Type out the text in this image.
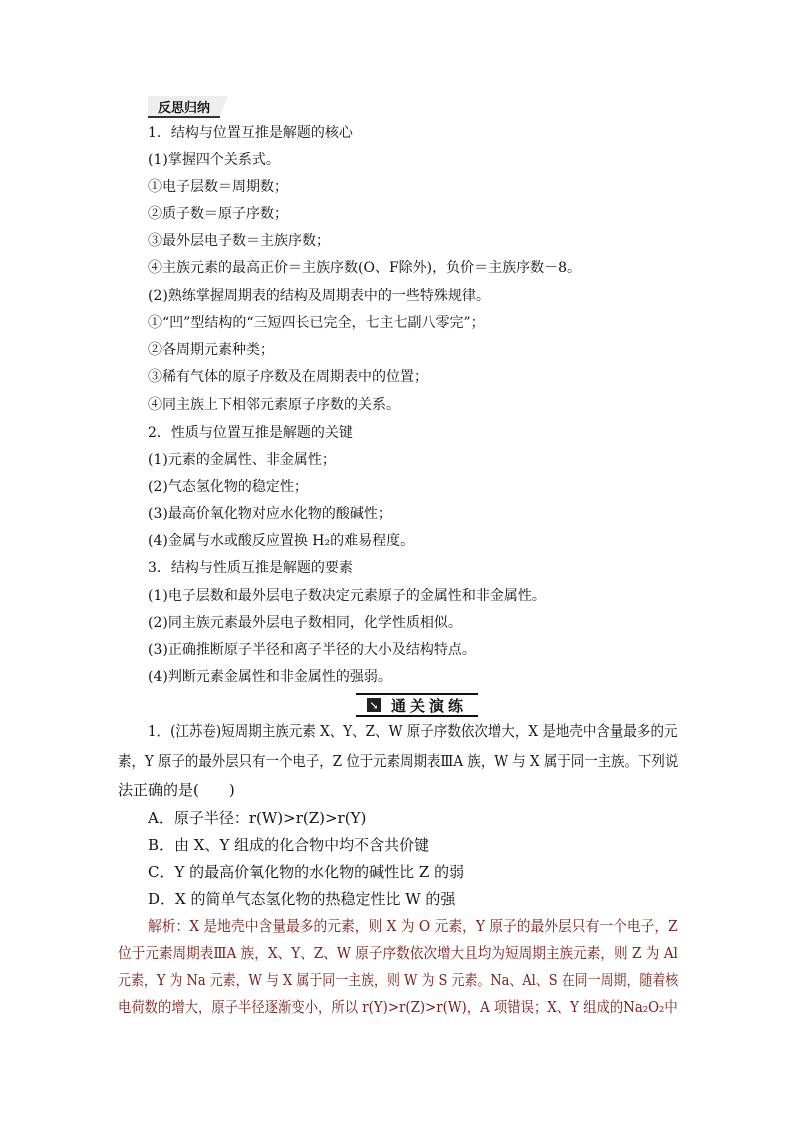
反思归纳
1．结构与位置互推是解题的核心
(1)掌握四个关系式。
①电子层数＝周期数；
②质子数＝原子序数；
③最外层电子数＝主族序数；
④主族元素的最高正价＝主族序数(O、F除外)，负价＝主族序数－8。
(2)熟练掌握周期表的结构及周期表中的一些特殊规律。
①“凹”型结构的“三短四长已完全，七主七副八零完”；
②各周期元素种类；
③稀有气体的原子序数及在周期表中的位置；
④同主族上下相邻元素原子序数的关系。
2．性质与位置互推是解题的关键
(1)元素的金属性、非金属性；
(2)气态氢化物的稳定性；
(3)最高价氧化物对应水化物的酸碱性；
(4)金属与水或酸反应置换 H₂的难易程度。
3．结构与性质互推是解题的要素
(1)电子层数和最外层电子数决定元素原子的金属性和非金属性。
(2)同主族元素最外层电子数相同，化学性质相似。
(3)正确推断原子半径和离子半径的大小及结构特点。
(4)判断元素金属性和非金属性的强弱。
↘ 通关演练
1．(江苏卷)短周期主族元素 X、Y、Z、W 原子序数依次增大，X 是地壳中含量最多的元
素，Y 原子的最外层只有一个电子，Z 位于元素周期表ⅢA 族，W 与 X 属于同一主族。下列说
法正确的是(　　)
A．原子半径：r(W)>r(Z)>r(Y)
B．由 X、Y 组成的化合物中均不含共价键
C．Y 的最高价氧化物的水化物的碱性比 Z 的弱
D．X 的简单气态氢化物的热稳定性比 W 的强
解析：X 是地壳中含量最多的元素，则 X 为 O 元素，Y 原子的最外层只有一个电子，Z
位于元素周期表ⅢA 族，X、Y、Z、W 原子序数依次增大且均为短周期主族元素，则 Z 为 Al
元素，Y 为 Na 元素，W 与 X 属于同一主族，则 W 为 S 元素。Na、Al、S 在同一周期，随着核
电荷数的增大，原子半径逐渐变小，所以 r(Y)>r(Z)>r(W)，A 项错误；X、Y 组成的Na₂O₂中
